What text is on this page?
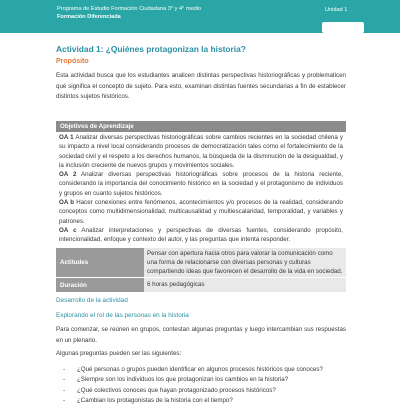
Programa de Estudio Formación Ciudadana 3° y 4° medio
Formación Diferenciada
Unidad 1
Actividad 1: ¿Quiénes protagonizan la historia?
Propósito
Esta actividad busca que los estudiantes analicen distintas perspectivas historiográficas y problematicen qué significa el concepto de sujeto. Para esto, examinan distintas fuentes secundarias a fin de establecer distintos sujetos históricos.
Objetivos de Aprendizaje

OA 1 Analizar diversas perspectivas historiográficas sobre cambios recientes en la sociedad chilena y su impacto a nivel local considerando procesos de democratización tales como el fortalecimiento de la sociedad civil y el respeto a los derechos humanos, la búsqueda de la disminución de la desigualdad, y la inclusión creciente de nuevos grupos y movimientos sociales.

OA 2 Analizar diversas perspectivas historiográficas sobre procesos de la historia reciente, considerando la importancia del conocimiento histórico en la sociedad y el protagonismo de individuos y grupos en cuanto sujetos históricos.

OA b Hacer conexiones entre fenómenos, acontecimientos y/o procesos de la realidad, considerando conceptos como multidimensionalidad, multicausalidad y multiescalaridad, temporalidad, y variables y patrones.

OA c Analizar interpretaciones y perspectivas de diversas fuentes, considerando propósito, intencionalidad, enfoque y contexto del autor, y las preguntas que intenta responder.

Actitudes
Pensar con apertura hacia otros para valorar la comunicación como una forma de relacionarse con diversas personas y culturas compartiendo ideas que favorecen el desarrollo de la vida en sociedad.
Duración	6 horas pedagógicas
Desarrollo de la actividad
Explorando el rol de las personas en la historia
Para comenzar, se reúnen en grupos, contestan algunas preguntas y luego intercambian sus respuestas en un plenario.
Algunas preguntas pueden ser las siguientes:
- ¿Qué personas o grupos pueden identificar en algunos procesos históricos que conoces?
- ¿Siempre son los individuos los que protagonizan los cambios en la historia?
- ¿Qué colectivos conoces que hayan protagonizado procesos históricos?
- ¿Cambian los protagonistas de la historia con el tiempo?
